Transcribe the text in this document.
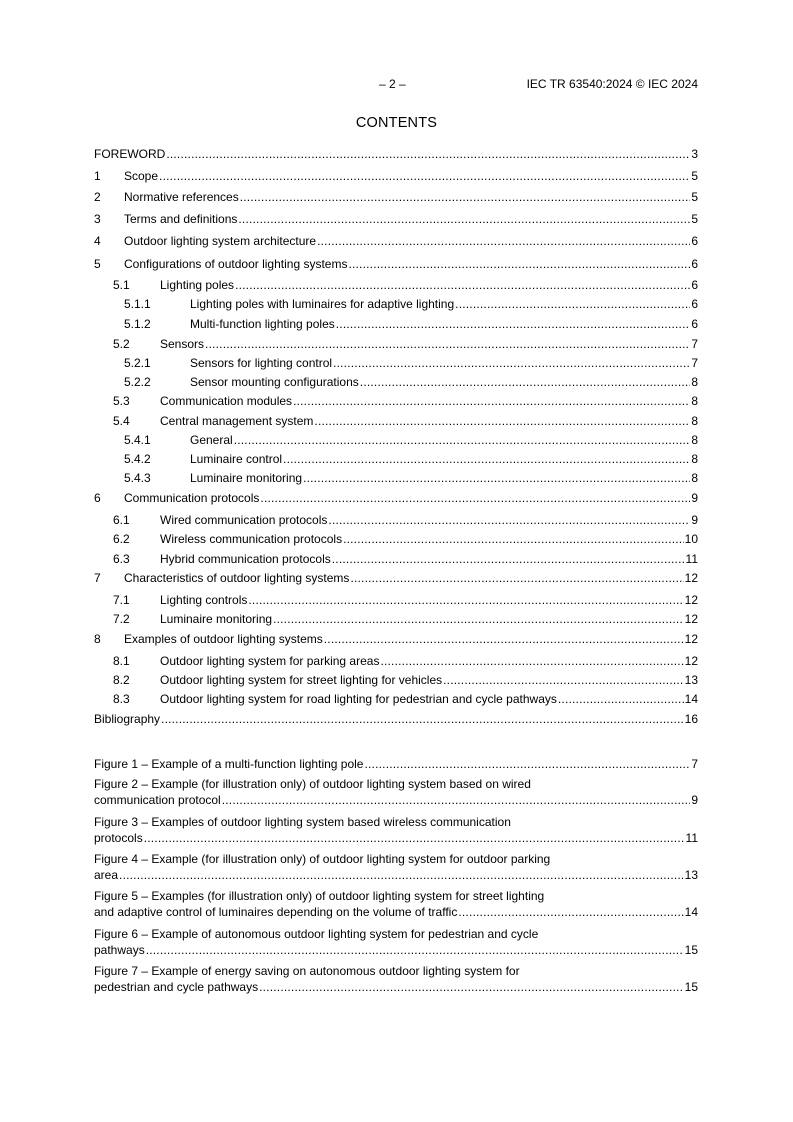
– 2 –	IEC TR 63540:2024 © IEC 2024
CONTENTS
FOREWORD .....	3
1 Scope .....	5
2 Normative references .....	5
3 Terms and definitions .....	5
4 Outdoor lighting system architecture .....	6
5 Configurations of outdoor lighting systems .....	6
5.1	Lighting poles .....	6
5.1.1	Lighting poles with luminaires for adaptive lighting .....	6
5.1.2	Multi-function lighting poles .....	6
5.2	Sensors .....	7
5.2.1	Sensors for lighting control .....	7
5.2.2	Sensor mounting configurations .....	8
5.3	Communication modules .....	8
5.4	Central management system .....	8
5.4.1	General .....	8
5.4.2	Luminaire control .....	8
5.4.3	Luminaire monitoring .....	8
6 Communication protocols .....	9
6.1	Wired communication protocols .....	9
6.2	Wireless communication protocols .....	10
6.3	Hybrid communication protocols .....	11
7 Characteristics of outdoor lighting systems .....	12
7.1	Lighting controls .....	12
7.2	Luminaire monitoring .....	12
8 Examples of outdoor lighting systems .....	12
8.1	Outdoor lighting system for parking areas .....	12
8.2	Outdoor lighting system for street lighting for vehicles .....	13
8.3	Outdoor lighting system for road lighting for pedestrian and cycle pathways .....	14
Bibliography .....	16
Figure 1 – Example of a multi-function lighting pole .....	7
Figure 2 – Example (for illustration only) of outdoor lighting system based on wired
communication protocol .....	9
Figure 3 – Examples of outdoor lighting system based wireless communication
protocols .....	11
Figure 4 – Example (for illustration only) of outdoor lighting system for outdoor parking
area .....	13
Figure 5 – Examples (for illustration only) of outdoor lighting system for street lighting
and adaptive control of luminaires depending on the volume of traffic .....	14
Figure 6 – Example of autonomous outdoor lighting system for pedestrian and cycle
pathways .....	15
Figure 7 – Example of energy saving on autonomous outdoor lighting system for
pedestrian and cycle pathways .....	15
